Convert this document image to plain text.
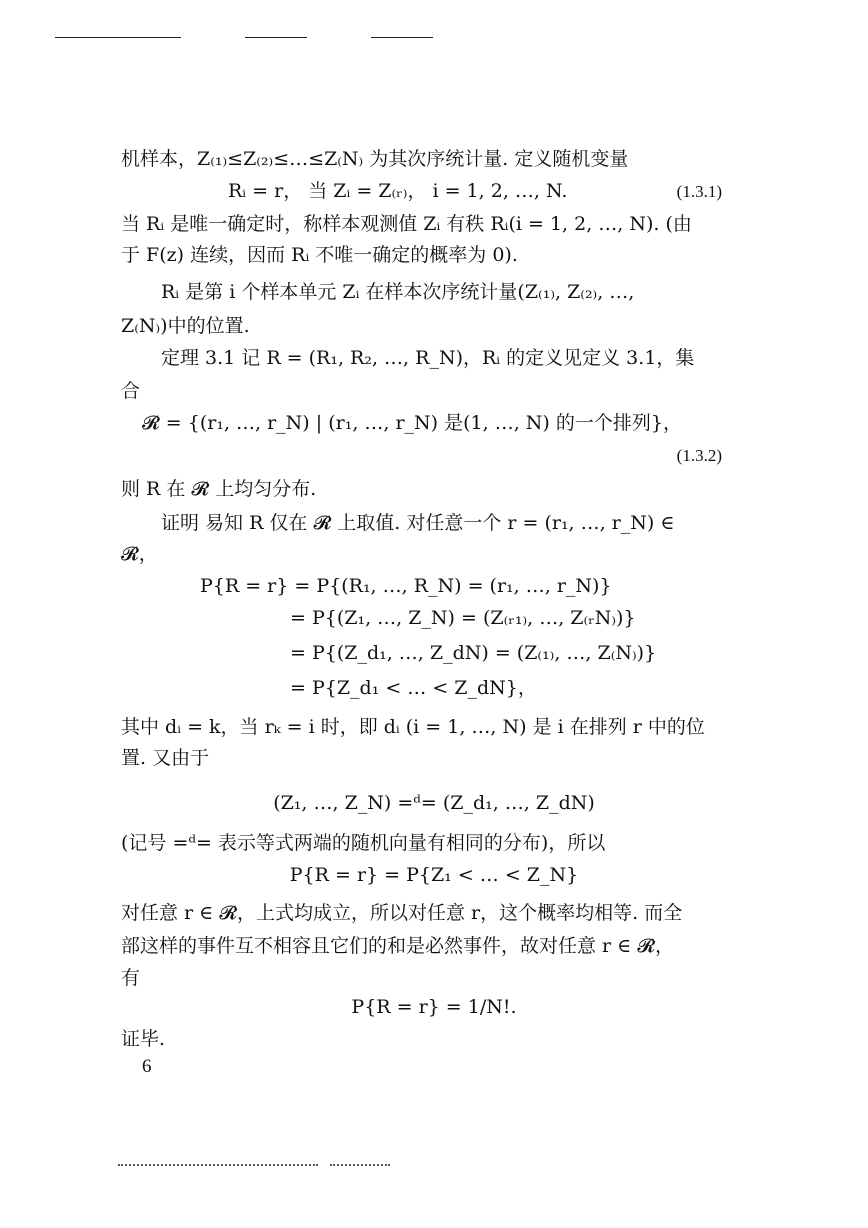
机样本，Z₍₁₎≤Z₍₂₎≤…≤Z₍N₎ 为其次序统计量. 定义随机变量
Rᵢ = r， 当 Zᵢ = Z₍ᵣ₎， i = 1, 2, …, N.	(1.3.1)
当 Rᵢ 是唯一确定时，称样本观测值 Zᵢ 有秩 Rᵢ(i = 1, 2, …, N). (由
于 F(z) 连续，因而 Rᵢ 不唯一确定的概率为 0).
Rᵢ 是第 i 个样本单元 Zᵢ 在样本次序统计量(Z₍₁₎, Z₍₂₎, …,
Z₍N₎)中的位置.
定理 3.1 记 R = (R₁, R₂, …, R_N)，Rᵢ 的定义见定义 3.1，集
合
𝓡 = {(r₁, …, r_N) | (r₁, …, r_N) 是(1, …, N) 的一个排列}，
(1.3.2)
则 R 在 𝓡 上均匀分布.
证明 易知 R 仅在 𝓡 上取值. 对任意一个 r = (r₁, …, r_N) ∈
𝓡，
P{R = r} = P{(R₁, …, R_N) = (r₁, …, r_N)}
= P{(Z₁, …, Z_N) = (Z₍ᵣ₁₎, …, Z₍ᵣN₎)}
= P{(Z_d₁, …, Z_dN) = (Z₍₁₎, …, Z₍N₎)}
= P{Z_d₁ < … < Z_dN}，
其中 dᵢ = k，当 rₖ = i 时，即 dᵢ (i = 1, …, N) 是 i 在排列 r 中的位
置. 又由于
(Z₁, …, Z_N) =ᵈ= (Z_d₁, …, Z_dN)
(记号 =ᵈ= 表示等式两端的随机向量有相同的分布)，所以
P{R = r} = P{Z₁ < … < Z_N}
对任意 r ∈ 𝓡，上式均成立，所以对任意 r，这个概率均相等. 而全
部这样的事件互不相容且它们的和是必然事件，故对任意 r ∈ 𝓡，
有
P{R = r} = 1/N!.
证毕.
6
